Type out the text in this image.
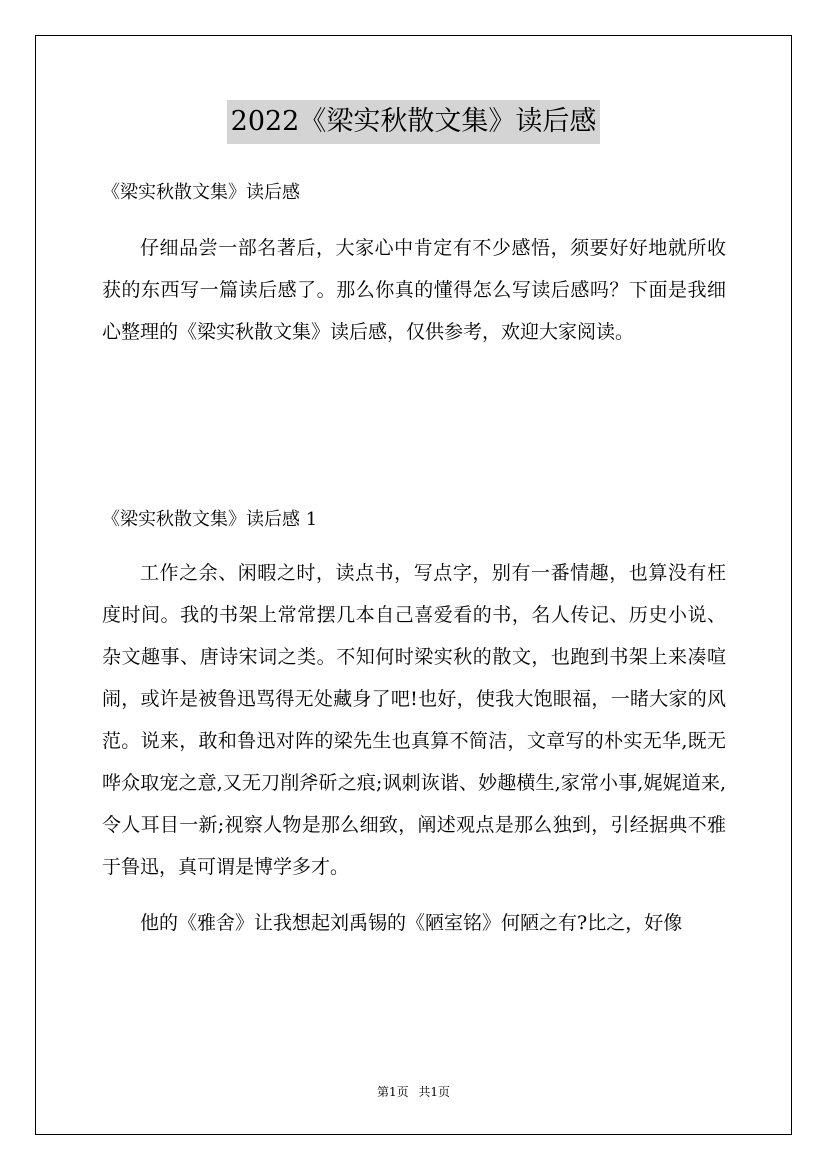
2022《梁实秋散文集》读后感

《梁实秋散文集》读后感

仔细品尝一部名著后，大家心中肯定有不少感悟，须要好好地就所收获的东西写一篇读后感了。那么你真的懂得怎么写读后感吗？下面是我细心整理的《梁实秋散文集》读后感，仅供参考，欢迎大家阅读。

《梁实秋散文集》读后感 1

工作之余、闲暇之时，读点书，写点字，别有一番情趣，也算没有枉度时间。我的书架上常常摆几本自己喜爱看的书，名人传记、历史小说、杂文趣事、唐诗宋词之类。不知何时梁实秋的散文，也跑到书架上来凑喧闹，或许是被鲁迅骂得无处藏身了吧!也好，使我大饱眼福，一睹大家的风范。说来，敢和鲁迅对阵的梁先生也真算不简洁，文章写的朴实无华,既无哗众取宠之意,又无刀削斧斫之痕;讽刺诙谐、妙趣横生,家常小事,娓娓道来,令人耳目一新;视察人物是那么细致，阐述观点是那么独到，引经据典不雅于鲁迅，真可谓是博学多才。

他的《雅舍》让我想起刘禹锡的《陋室铭》何陋之有?比之，好像

第1页 共1页
